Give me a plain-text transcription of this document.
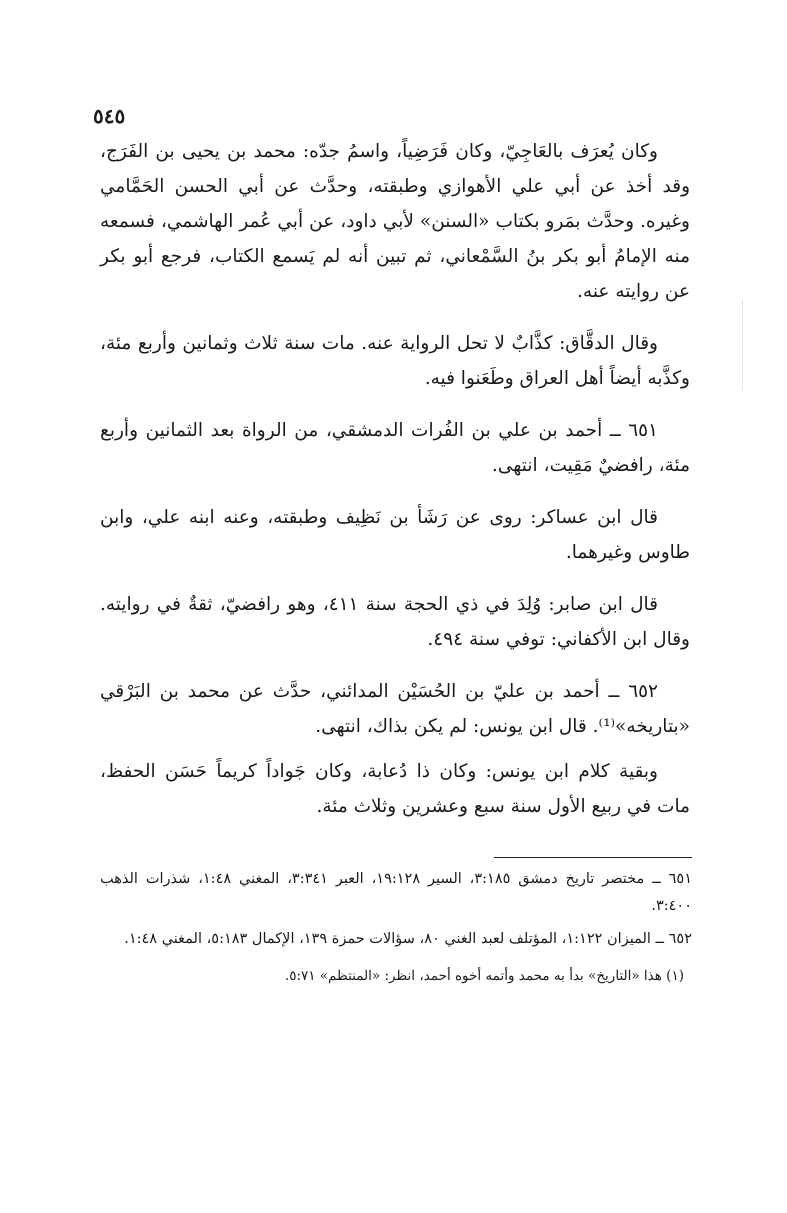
٥٤٥

وكان يُعرَف بالعَاجِيّ، وكان فَرَضِياً، واسمُ جدّه: محمد بن يحيى بن الفَرَج، وقد أخذ عن أبي علي الأهوازي وطبقته، وحدَّث عن أبي الحسن الحَمَّامي وغيره. وحدَّث بمَرو بكتاب «السنن» لأبي داود، عن أبي عُمر الهاشمي، فسمعه منه الإمامُ أبو بكر بنُ السَّمْعاني، ثم تبين أنه لم يَسمع الكتاب، فرجع أبو بكر عن روايته عنه.

وقال الدقَّاق: كذَّابٌ لا تحل الرواية عنه. مات سنة ثلاث وثمانين وأربع مئة، وكذَّبه أيضاً أهل العراق وطَعَنوا فيه.

٦٥١ ــ أحمد بن علي بن الفُرات الدمشقي، من الرواة بعد الثمانين وأربع مئة، رافضيٌ مَقِيت، انتهى.

قال ابن عساكر: روى عن رَشَأ بن نَظِيف وطبقته، وعنه ابنه علي، وابن طاوس وغيرهما.

قال ابن صابر: وُلِدَ في ذي الحجة سنة ٤١١، وهو رافضيّ، ثقةٌ في روايته. وقال ابن الأكفاني: توفي سنة ٤٩٤.

٦٥٢ ــ أحمد بن عليّ بن الحُسَيْن المدائني، حدَّث عن محمد بن البَرْقي «بتاريخه»⁽¹⁾. قال ابن يونس: لم يكن بذاك، انتهى.

وبقية كلام ابن يونس: وكان ذا دُعابة، وكان جَواداً كريماً حَسَن الحفظ، مات في ربيع الأول سنة سبع وعشرين وثلاث مئة.

٦٥١ ــ مختصر تاريخ دمشق ٣:١٨٥، السير ١٩:١٢٨، العبر ٣:٣٤١، المغني ١:٤٨، شذرات الذهب ٣:٤٠٠.

٦٥٢ ــ الميزان ١:١٢٢، المؤتلف لعبد الغني ٨٠، سؤالات حمزة ١٣٩، الإكمال ٥:١٨٣، المغني ١:٤٨.

(١) هذا «التاريخ» بدأ به محمد وأتمه أخوه أحمد، انظر: «المنتظم» ٥:٧١.
